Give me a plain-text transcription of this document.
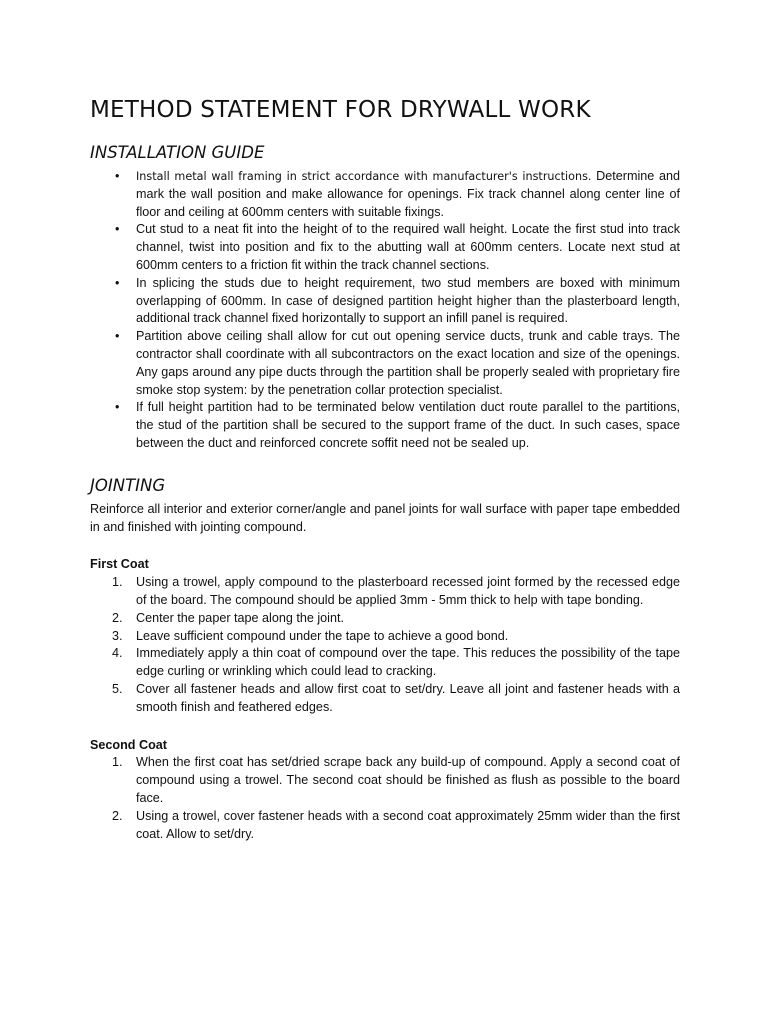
METHOD STATEMENT FOR DRYWALL WORK
INSTALLATION GUIDE
• Install metal wall framing in strict accordance with manufacturer's instructions. Determine and mark the wall position and make allowance for openings. Fix track channel along center line of floor and ceiling at 600mm centers with suitable fixings.
• Cut stud to a neat fit into the height of to the required wall height. Locate the first stud into track channel, twist into position and fix to the abutting wall at 600mm centers. Locate next stud at 600mm centers to a friction fit within the track channel sections.
• In splicing the studs due to height requirement, two stud members are boxed with minimum overlapping of 600mm. In case of designed partition height higher than the plasterboard length, additional track channel fixed horizontally to support an infill panel is required.
• Partition above ceiling shall allow for cut out opening service ducts, trunk and cable trays. The contractor shall coordinate with all subcontractors on the exact location and size of the openings. Any gaps around any pipe ducts through the partition shall be properly sealed with proprietary fire smoke stop system: by the penetration collar protection specialist.
• If full height partition had to be terminated below ventilation duct route parallel to the partitions, the stud of the partition shall be secured to the support frame of the duct. In such cases, space between the duct and reinforced concrete soffit need not be sealed up.
JOINTING

Reinforce all interior and exterior corner/angle and panel joints for wall surface with paper tape embedded in and finished with jointing compound.

First Coat

1. Using a trowel, apply compound to the plasterboard recessed joint formed by the recessed edge of the board. The compound should be applied 3mm - 5mm thick to help with tape bonding.
2. Center the paper tape along the joint.
3. Leave sufficient compound under the tape to achieve a good bond.
4. Immediately apply a thin coat of compound over the tape. This reduces the possibility of the tape edge curling or wrinkling which could lead to cracking.
5. Cover all fastener heads and allow first coat to set/dry. Leave all joint and fastener heads with a smooth finish and feathered edges.

Second Coat

1. When the first coat has set/dried scrape back any build-up of compound. Apply a second coat of compound using a trowel. The second coat should be finished as flush as possible to the board face.
2. Using a trowel, cover fastener heads with a second coat approximately 25mm wider than the first coat. Allow to set/dry.
